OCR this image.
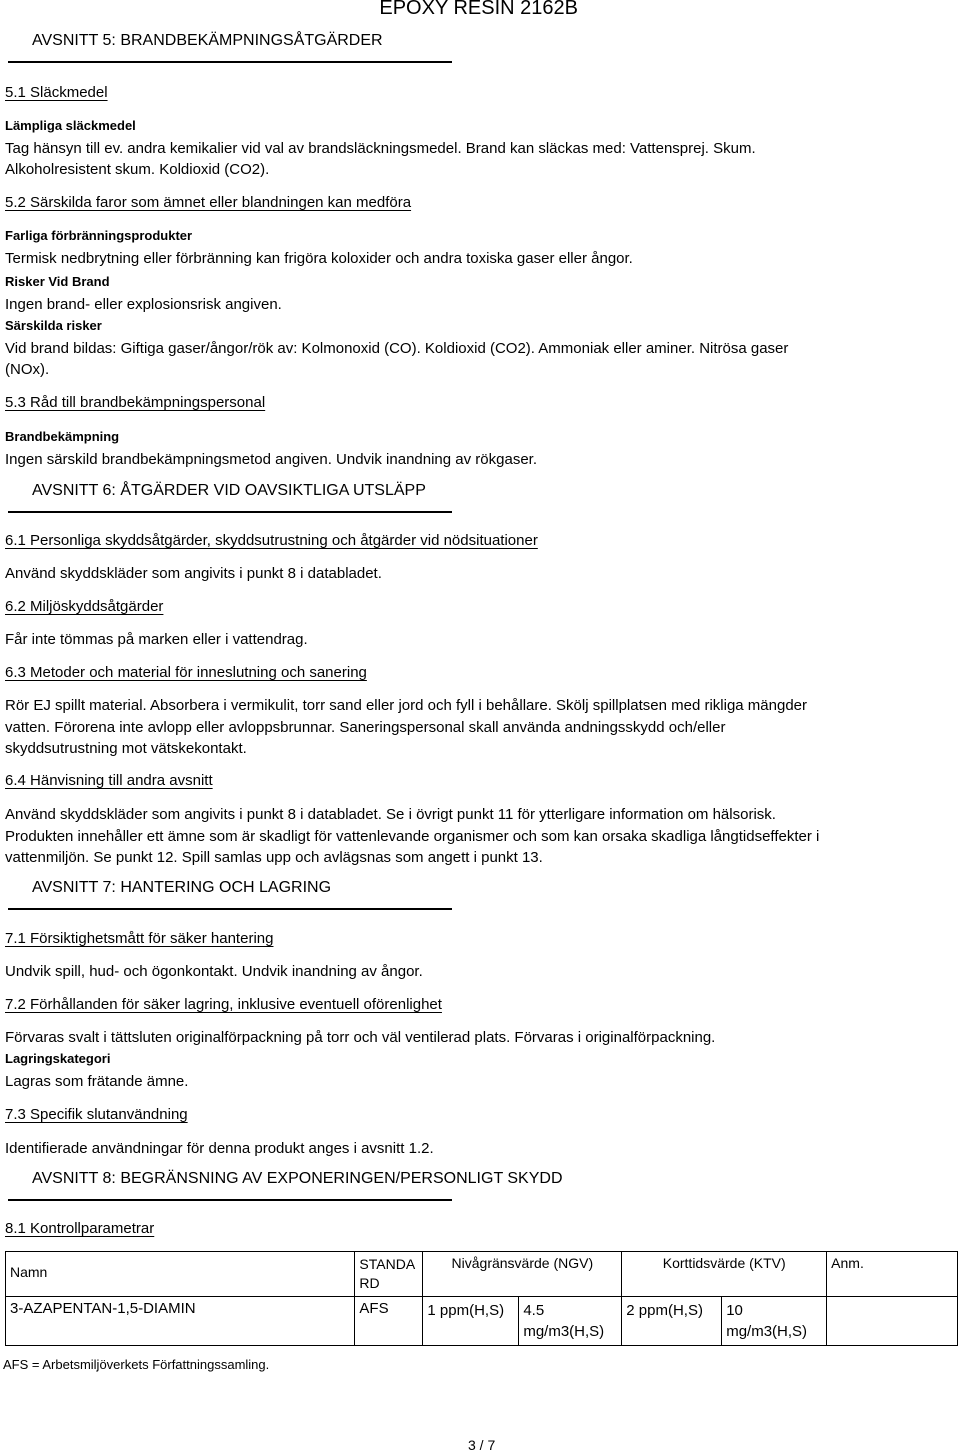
EPOXY RESIN 2162B
AVSNITT 5: BRANDBEKÄMPNINGSÅTGÄRDER
5.1 Släckmedel
Lämpliga släckmedel
Tag hänsyn till ev. andra kemikalier vid val av brandsläckningsmedel. Brand kan släckas med: Vattensprej. Skum.
Alkoholresistent skum. Koldioxid (CO2).
5.2 Särskilda faror som ämnet eller blandningen kan medföra
Farliga förbränningsprodukter
Termisk nedbrytning eller förbränning kan frigöra koloxider och andra toxiska gaser eller ångor.
Risker Vid Brand
Ingen brand- eller explosionsrisk angiven.
Särskilda risker
Vid brand bildas: Giftiga gaser/ångor/rök av: Kolmonoxid (CO). Koldioxid (CO2). Ammoniak eller aminer. Nitrösa gaser
(NOx).
5.3 Råd till brandbekämpningspersonal
Brandbekämpning
Ingen särskild brandbekämpningsmetod angiven. Undvik inandning av rökgaser.
AVSNITT 6: ÅTGÄRDER VID OAVSIKTLIGA UTSLÄPP
6.1 Personliga skyddsåtgärder, skyddsutrustning och åtgärder vid nödsituationer
Använd skyddskläder som angivits i punkt 8 i databladet.
6.2 Miljöskyddsåtgärder
Får inte tömmas på marken eller i vattendrag.
6.3 Metoder och material för inneslutning och sanering
Rör EJ spillt material. Absorbera i vermikulit, torr sand eller jord och fyll i behållare. Skölj spillplatsen med rikliga mängder
vatten. Förorena inte avlopp eller avloppsbrunnar. Saneringspersonal skall använda andningsskydd och/eller
skyddsutrustning mot vätskekontakt.
6.4 Hänvisning till andra avsnitt
Använd skyddskläder som angivits i punkt 8 i databladet. Se i övrigt punkt 11 för ytterligare information om hälsorisk.
Produkten innehåller ett ämne som är skadligt för vattenlevande organismer och som kan orsaka skadliga långtidseffekter i
vattenmiljön. Se punkt 12. Spill samlas upp och avlägsnas som angett i punkt 13.
AVSNITT 7: HANTERING OCH LAGRING
7.1 Försiktighetsmått för säker hantering
Undvik spill, hud- och ögonkontakt. Undvik inandning av ångor.
7.2 Förhållanden för säker lagring, inklusive eventuell oförenlighet
Förvaras svalt i tättsluten originalförpackning på torr och väl ventilerad plats. Förvaras i originalförpackning.
Lagringskategori
Lagras som frätande ämne.
7.3 Specifik slutanvändning
Identifierade användningar för denna produkt anges i avsnitt 1.2.
AVSNITT 8: BEGRÄNSNING AV EXPONERINGEN/PERSONLIGT SKYDD
8.1 Kontrollparametrar
Namn	STANDA RD	Nivågränsvärde (NGV)		Korttidsvärde (KTV)		Anm.
3-AZAPENTAN-1,5-DIAMIN	AFS	1 ppm(H,S)	4.5 mg/m3(H,S)	2 ppm(H,S)	10 mg/m3(H,S)	
AFS = Arbetsmiljöverkets Författningssamling.
3 / 7
